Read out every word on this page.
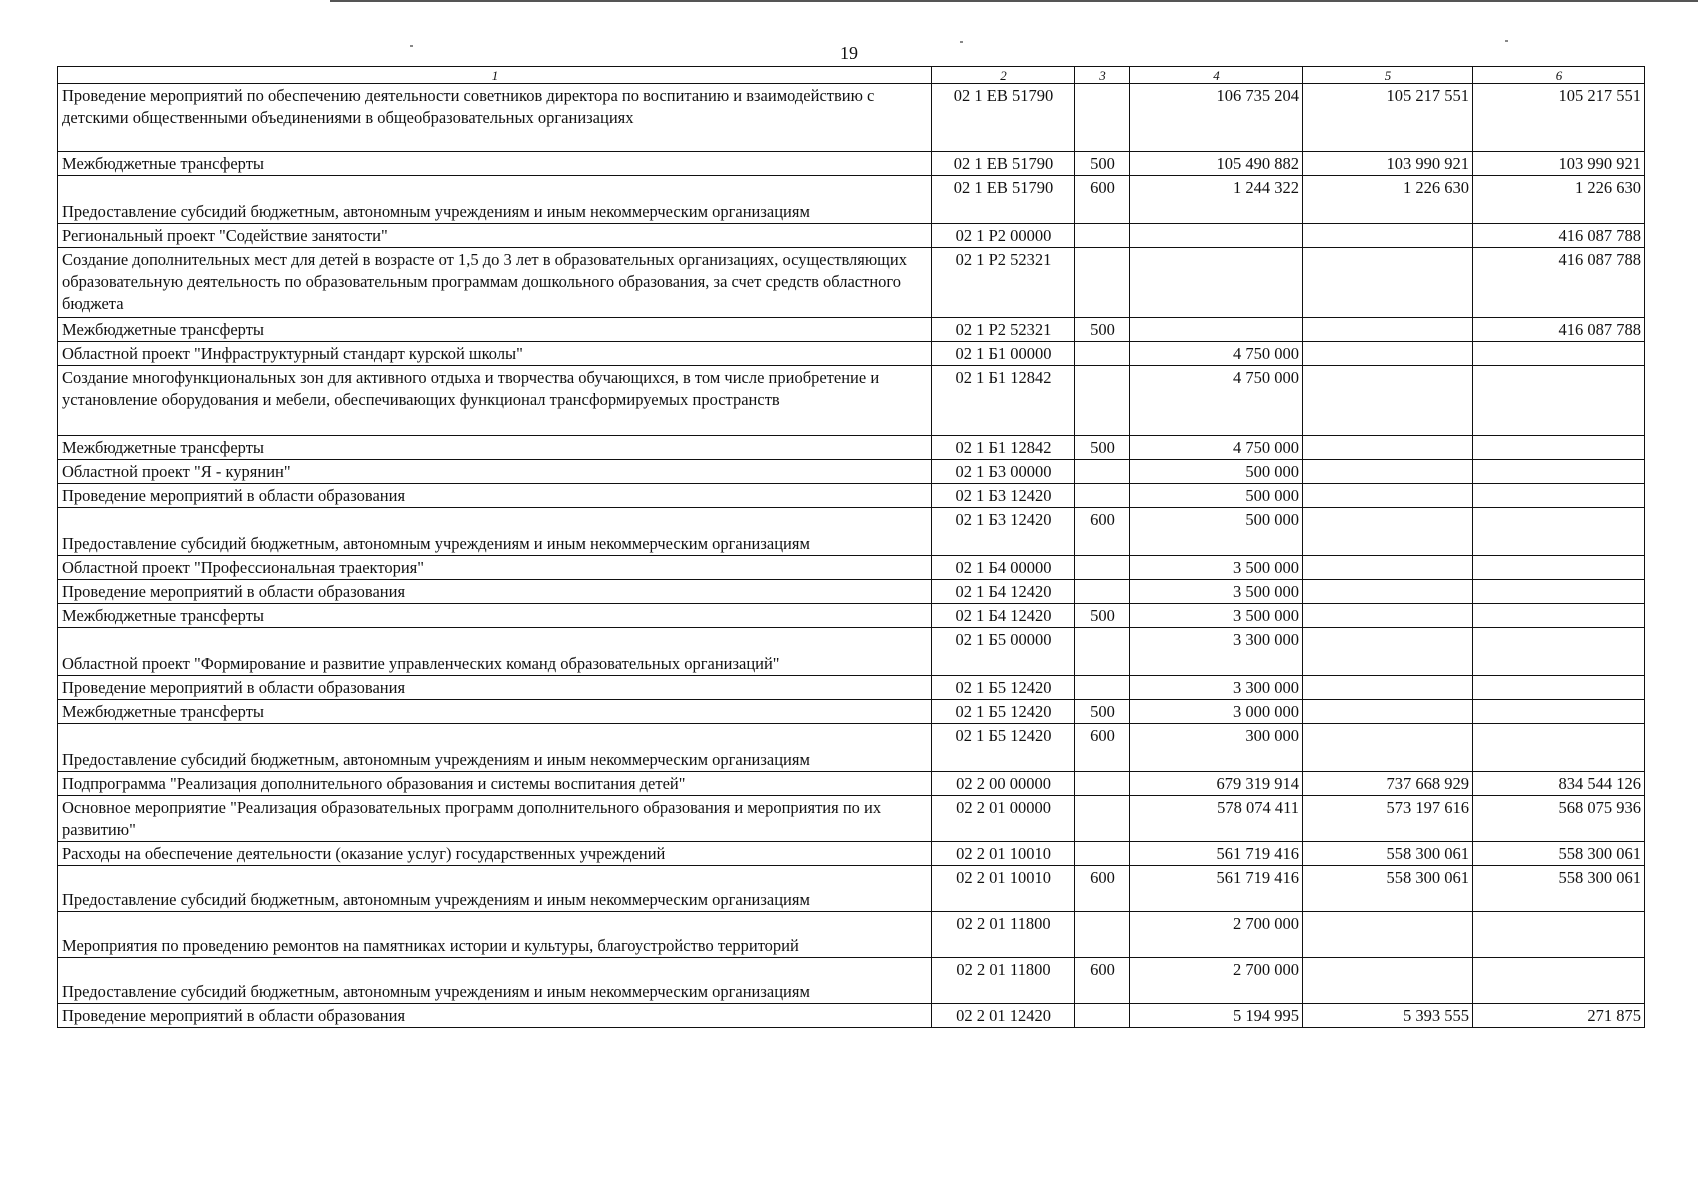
19
1	2	3	4	5	6
Проведение мероприятий по обеспечению деятельности советников директора по воспитанию и взаимодействию с детскими общественными объединениями в общеобразовательных организациях	02 1 ЕВ 51790		106 735 204	105 217 551	105 217 551
Межбюджетные трансферты	02 1 ЕВ 51790	500	105 490 882	103 990 921	103 990 921
Предоставление субсидий бюджетным, автономным учреждениям и иным некоммерческим организациям	02 1 ЕВ 51790	600	1 244 322	1 226 630	1 226 630
Региональный проект "Содействие занятости"	02 1 Р2 00000				416 087 788
Создание дополнительных мест для детей в возрасте от 1,5 до 3 лет в образовательных организациях, осуществляющих образовательную деятельность по образовательным программам дошкольного образования, за счет средств областного бюджета	02 1 Р2 52321				416 087 788
Межбюджетные трансферты	02 1 Р2 52321	500			416 087 788
Областной проект "Инфраструктурный стандарт курской школы"	02 1 Б1 00000		4 750 000		
Создание многофункциональных зон для активного отдыха и творчества обучающихся, в том числе приобретение и установление оборудования и мебели, обеспечивающих функционал трансформируемых пространств	02 1 Б1 12842		4 750 000		
Межбюджетные трансферты	02 1 Б1 12842	500	4 750 000		
Областной проект "Я - курянин"	02 1 Б3 00000		500 000		
Проведение мероприятий в области образования	02 1 Б3 12420		500 000		
Предоставление субсидий бюджетным, автономным учреждениям и иным некоммерческим организациям	02 1 Б3 12420	600	500 000		
Областной проект "Профессиональная траектория"	02 1 Б4 00000		3 500 000		
Проведение мероприятий в области образования	02 1 Б4 12420		3 500 000		
Межбюджетные трансферты	02 1 Б4 12420	500	3 500 000		
Областной проект "Формирование и развитие управленческих команд образовательных организаций"	02 1 Б5 00000		3 300 000		
Проведение мероприятий в области образования	02 1 Б5 12420		3 300 000		
Межбюджетные трансферты	02 1 Б5 12420	500	3 000 000		
Предоставление субсидий бюджетным, автономным учреждениям и иным некоммерческим организациям	02 1 Б5 12420	600	300 000		
Подпрограмма "Реализация дополнительного образования и системы воспитания детей"	02 2 00 00000		679 319 914	737 668 929	834 544 126
Основное мероприятие "Реализация образовательных программ дополнительного образования и мероприятия по их развитию"	02 2 01 00000		578 074 411	573 197 616	568 075 936
Расходы на обеспечение деятельности (оказание услуг) государственных учреждений	02 2 01 10010		561 719 416	558 300 061	558 300 061
Предоставление субсидий бюджетным, автономным учреждениям и иным некоммерческим организациям	02 2 01 10010	600	561 719 416	558 300 061	558 300 061
Мероприятия по проведению ремонтов на памятниках истории и культуры, благоустройство территорий	02 2 01 11800		2 700 000		
Предоставление субсидий бюджетным, автономным учреждениям и иным некоммерческим организациям	02 2 01 11800	600	2 700 000		
Проведение мероприятий в области образования	02 2 01 12420		5 194 995	5 393 555	271 875
